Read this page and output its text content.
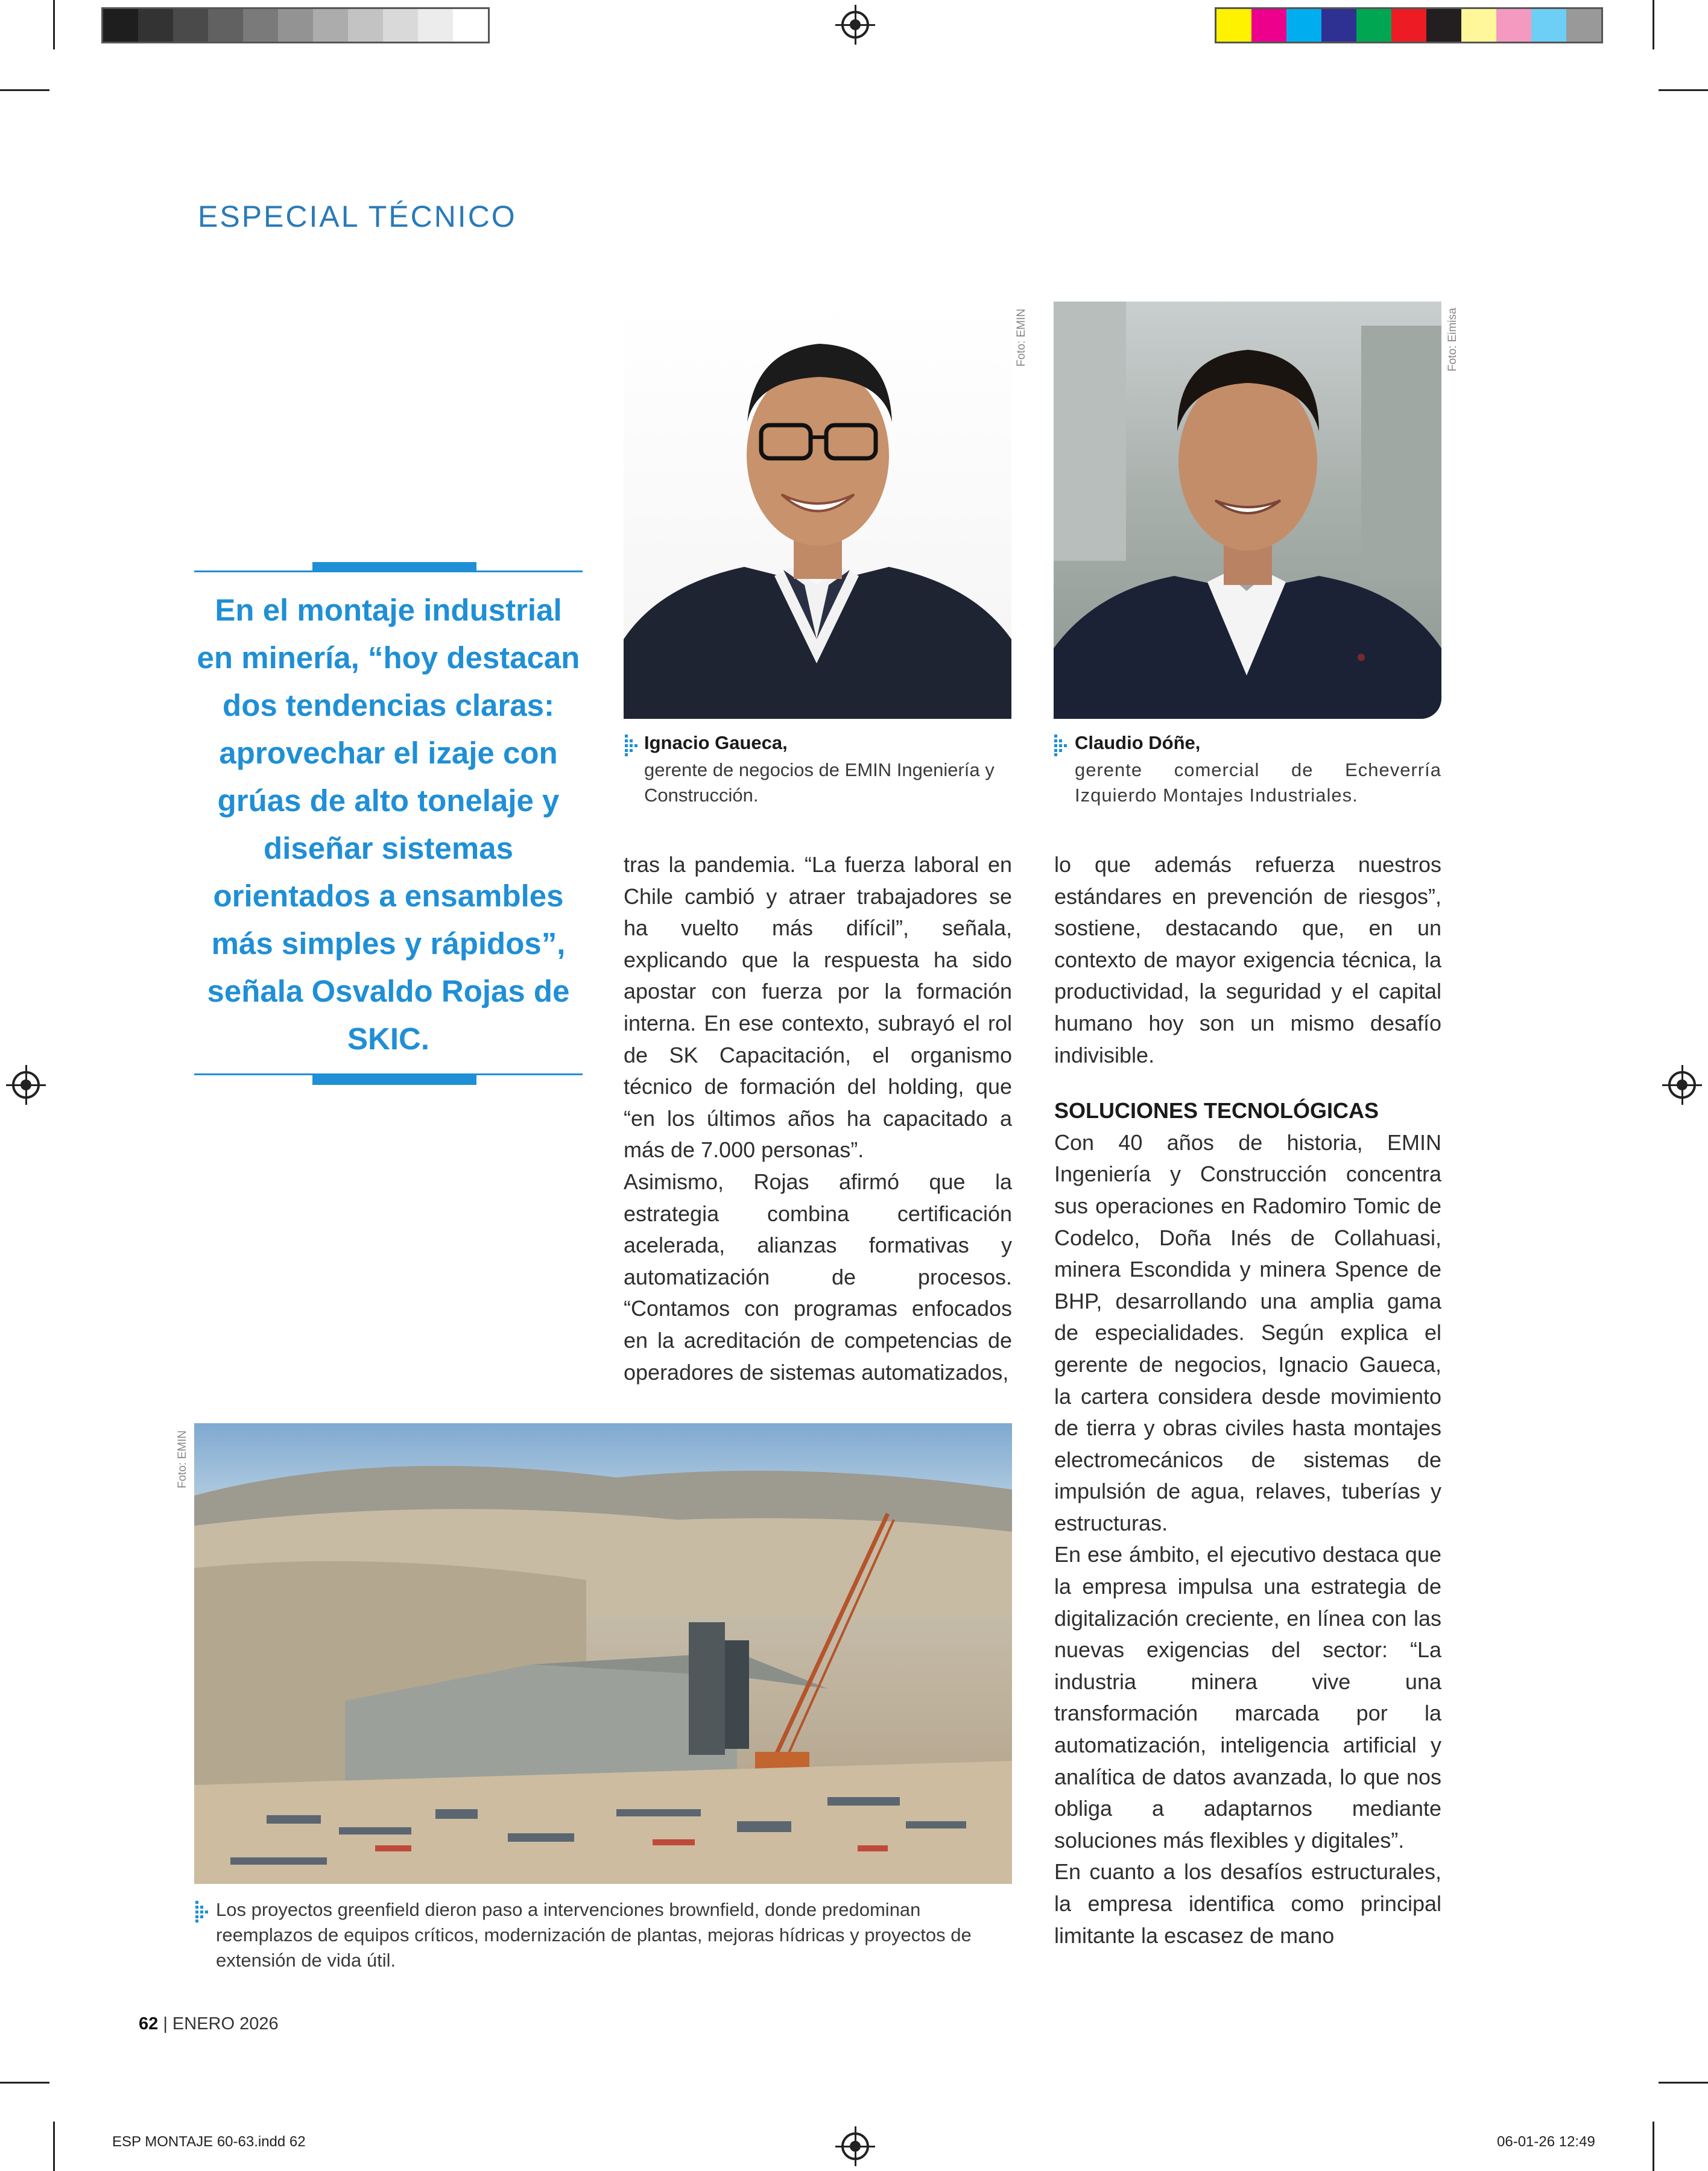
ESPECIAL TÉCNICO
En el montaje industrial en minería, “hoy destacan dos tendencias claras: aprovechar el izaje con grúas de alto tonelaje y diseñar sistemas orientados a ensambles más simples y rápidos”, señala Osvaldo Rojas de SKIC.
Foto: EMIN	Foto: Eimisa
Ignacio Gaueca,
gerente de negocios de EMIN Ingeniería y Construcción.
Claudio Dóñe,
gerente comercial de Echeverría Izquierdo Montajes Industriales.

tras la pandemia. “La fuerza laboral en Chile cambió y atraer trabajadores se ha vuelto más difícil”, señala, explicando que la respuesta ha sido apostar con fuerza por la formación interna. En ese contexto, subrayó el rol de SK Capacitación, el organismo técnico de formación del holding, que “en los últimos años ha capacitado a más de 7.000 personas”.

Asimismo, Rojas afirmó que la estrategia combina certificación acelerada, alianzas formativas y automatización de procesos. “Contamos con programas enfocados en la acreditación de competencias de operadores de sistemas automatizados,

lo que además refuerza nuestros estándares en prevención de riesgos”, sostiene, destacando que, en un contexto de mayor exigencia técnica, la productividad, la seguridad y el capital humano hoy son un mismo desafío indivisible.

SOLUCIONES TECNOLÓGICAS

Con 40 años de historia, EMIN Ingeniería y Construcción concentra sus operaciones en Radomiro Tomic de Codelco, Doña Inés de Collahuasi, minera Escondida y minera Spence de BHP, desarrollando una amplia gama de especialidades. Según explica el gerente de negocios, Ignacio Gaueca, la cartera considera desde movimiento de tierra y obras civiles hasta montajes electromecánicos de sistemas de impulsión de agua, relaves, tuberías y estructuras.

En ese ámbito, el ejecutivo destaca que la empresa impulsa una estrategia de digitalización creciente, en línea con las nuevas exigencias del sector: “La industria minera vive una transformación marcada por la automatización, inteligencia artificial y analítica de datos avanzada, lo que nos obliga a adaptarnos mediante soluciones más flexibles y digitales”.

En cuanto a los desafíos estructurales, la empresa identifica como principal limitante la escasez de mano

Foto: EMIN
Los proyectos greenfield dieron paso a intervenciones brownfield, donde predominan reemplazos de equipos críticos, modernización de plantas, mejoras hídricas y proyectos de extensión de vida útil.
62 | ENERO 2026
ESP MONTAJE 60-63.indd 62	06-01-26 12:49
